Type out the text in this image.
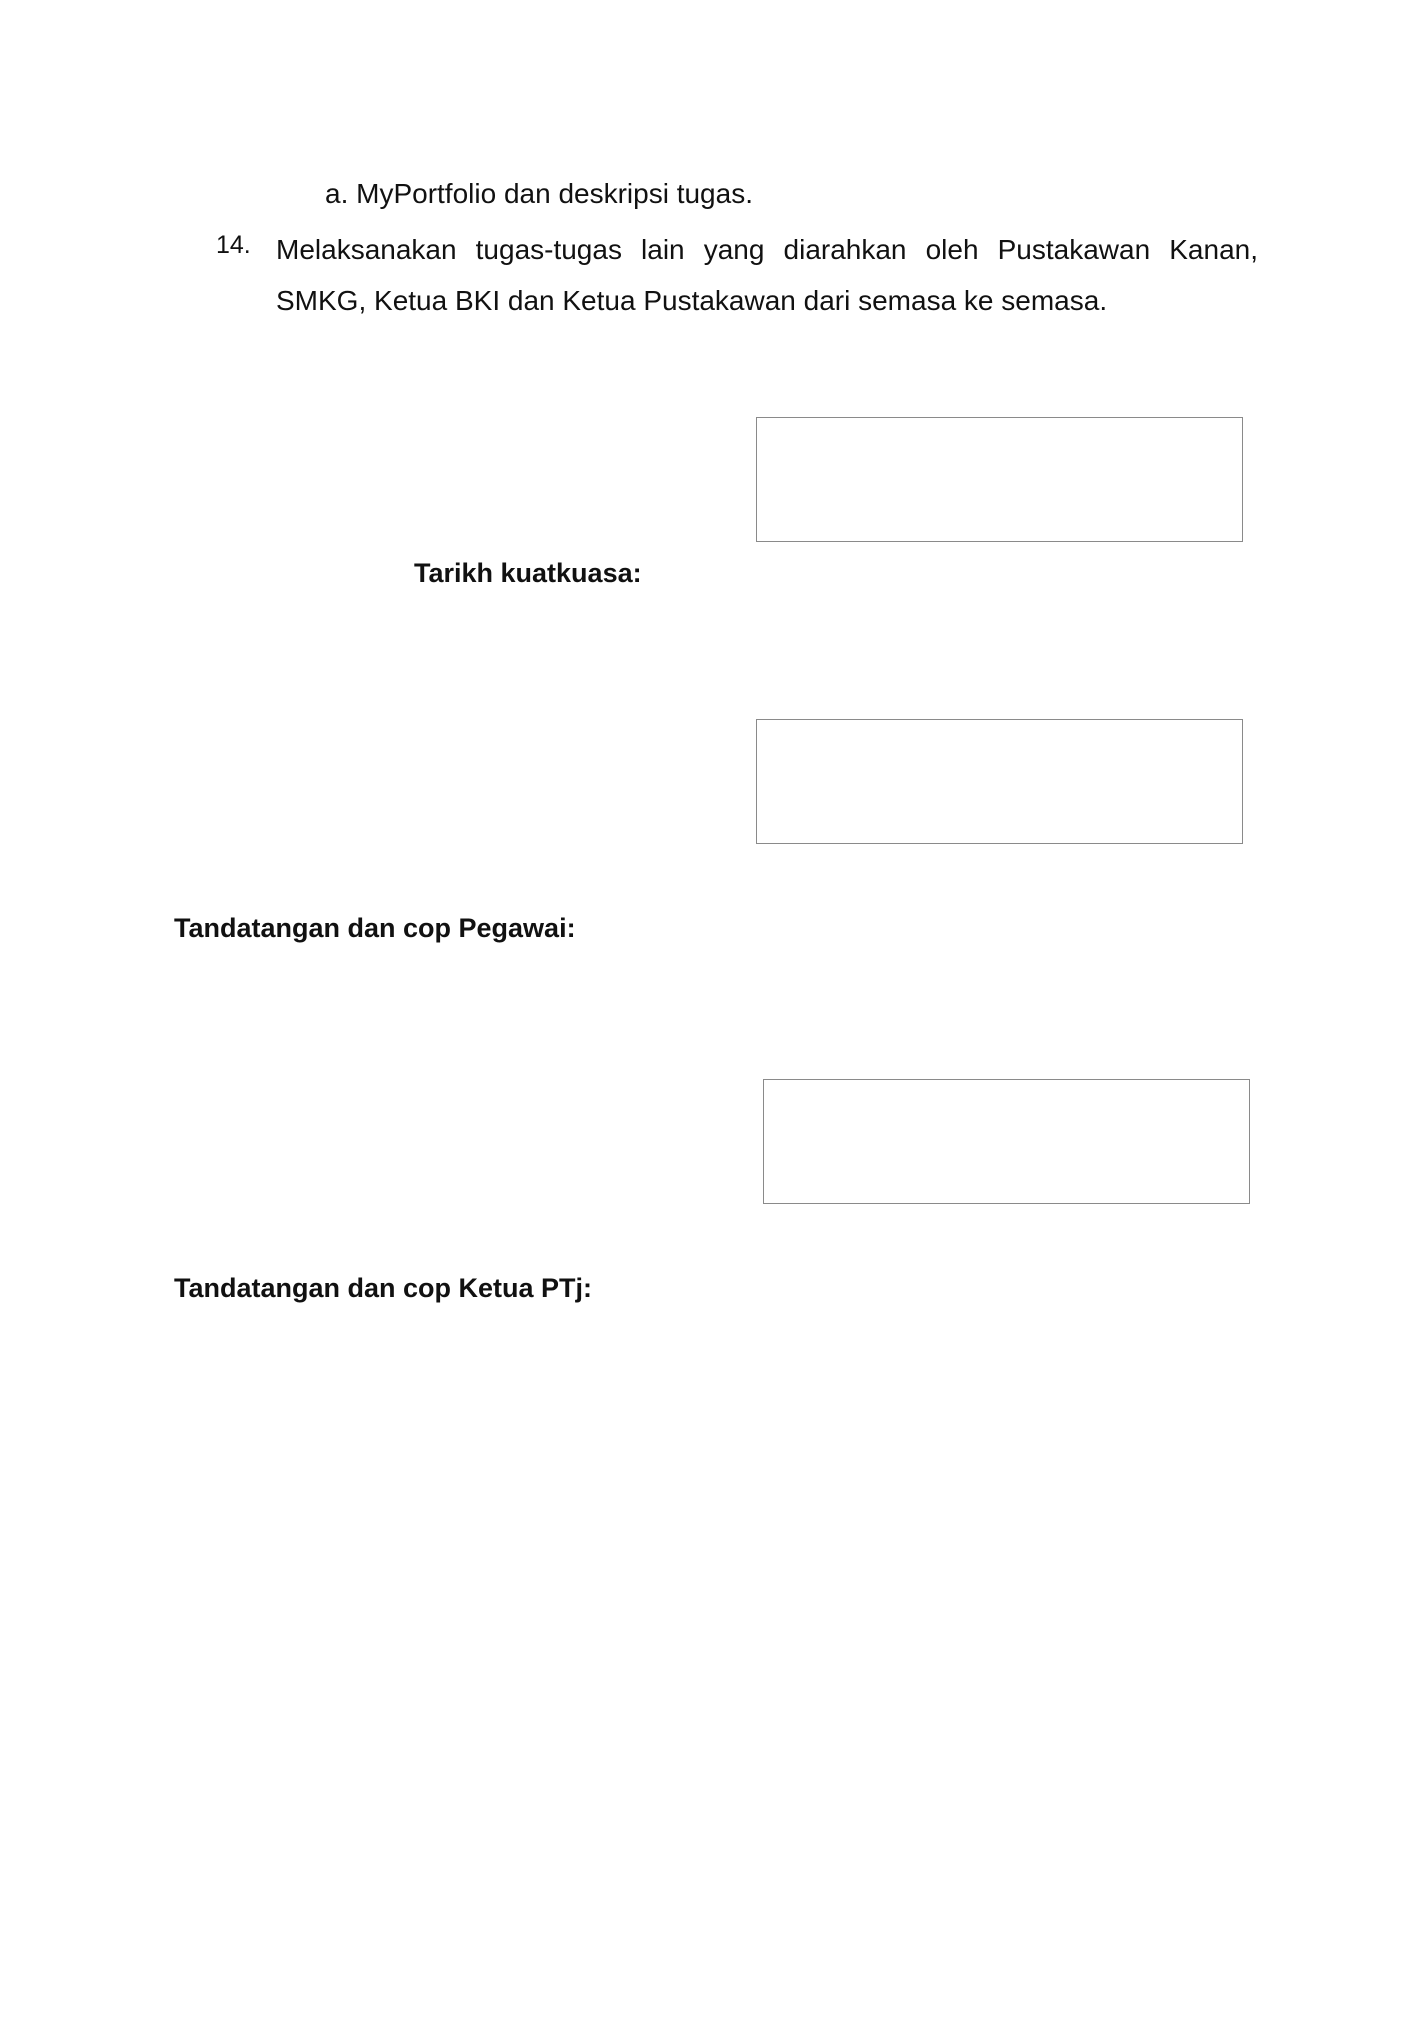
a. MyPortfolio dan deskripsi tugas.
14. Melaksanakan tugas-tugas lain yang diarahkan oleh Pustakawan Kanan, SMKG, Ketua BKI dan Ketua Pustakawan dari semasa ke semasa.
Tarikh kuatkuasa:
Tandatangan dan cop Pegawai:
Tandatangan dan cop Ketua PTj:
